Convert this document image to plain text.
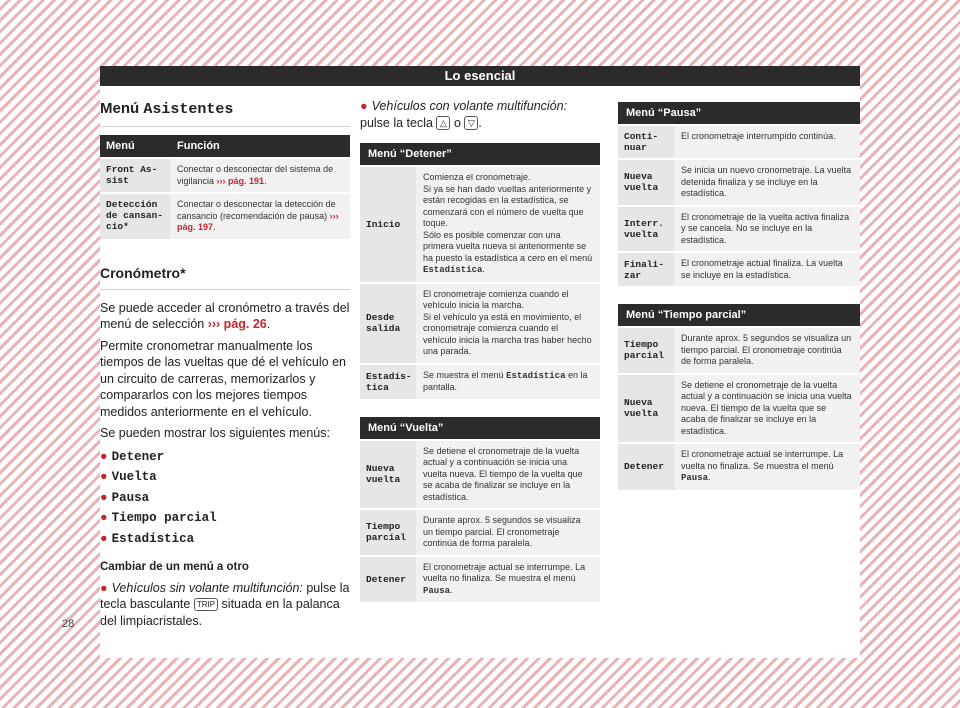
Lo esencial
28
Menú Asistentes
Menú	Función
Front As-
sist
Conectar o desconectar del sistema de vigilancia ››› pág. 191.
Detección
de cansan-
cio*
Conectar o desconectar la detección de cansancio (recomendación de pausa) ››› pág. 197.
Cronómetro*

Se puede acceder al cronómetro a través del menú de selección ››› pág. 26.

Permite cronometrar manualmente los tiempos de las vueltas que dé el vehículo en un circuito de carreras, memorizarlos y compararlos con los mejores tiempos medidos anteriormente en el vehículo.

Se pueden mostrar los siguientes menús:

● Detener
● Vuelta
● Pausa
● Tiempo parcial
● Estadística
Cambiar de un menú a otro

● Vehículos sin volante multifunción: pulse la tecla basculante TRIP situada en la palanca del limpiacristales.

● Vehículos con volante multifunción: pulse la tecla △ o ▽ .
Menú “Detener”
Inicio
Comienza el cronometraje.
Si ya se han dado vueltas anteriormente y están recogidas en la estadística, se comenzará con el número de vuelta que toque.
Sólo es posible comenzar con una primera vuelta nueva si anteriormente se ha puesto la estadística a cero en el menú Estadística.
Desde
salida
El cronometraje comienza cuando el vehículo inicia la marcha.
Si el vehículo ya está en movimiento, el cronometraje comienza cuando el vehículo inicia la marcha tras haber hecho una parada.
Estadís-
tica
Se muestra el menú Estadística en la pantalla.
Menú “Vuelta”
Nueva
vuelta
Se detiene el cronometraje de la vuelta actual y a continuación se inicia una vuelta nueva. El tiempo de la vuelta que se acaba de finalizar se incluye en la estadística.
Tiempo
parcial
Durante aprox. 5 segundos se visualiza un tiempo parcial. El cronometraje continúa de forma paralela.
Detener
El cronometraje actual se interrumpe. La vuelta no finaliza. Se muestra el menú Pausa.
Menú “Pausa”
Conti-
nuar
El cronometraje interrumpido continúa.
Nueva
vuelta
Se inicia un nuevo cronometraje. La vuelta detenida finaliza y se incluye en la estadística.
Interr.
vuelta
El cronometraje de la vuelta activa finaliza y se cancela. No se incluye en la estadística.
Finali-
zar
El cronometraje actual finaliza. La vuelta se incluye en la estadística.
Menú “Tiempo parcial”
Tiempo
parcial
Durante aprox. 5 segundos se visualiza un tiempo parcial. El cronometraje continúa de forma paralela.
Nueva
vuelta
Se detiene el cronometraje de la vuelta actual y a continuación se inicia una vuelta nueva. El tiempo de la vuelta que se acaba de finalizar se incluye en la estadística.
Detener
El cronometraje actual se interrumpe. La vuelta no finaliza. Se muestra el menú Pausa.
